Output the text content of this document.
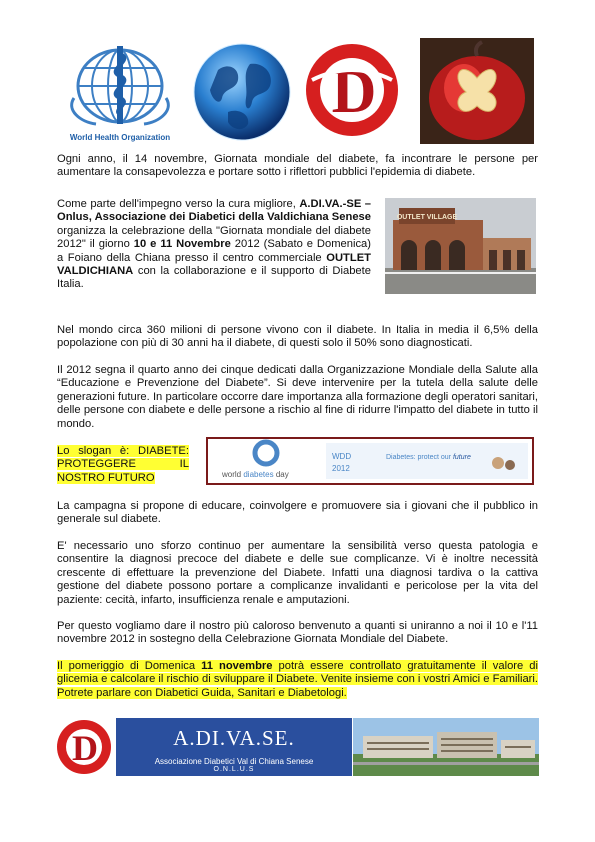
World Health Organization
D

Ogni anno, il 14 novembre, Giornata mondiale del diabete, fa incontrare le persone per aumentare la consapevolezza e portare sotto i riflettori pubblici l'epidemia di diabete.

Come parte dell'impegno verso la cura migliore, A.DI.VA.-SE – Onlus, Associazione dei Diabetici della Valdichiana Senese organizza la celebrazione della "Giornata mondiale del diabete 2012" il giorno 10 e 11 Novembre 2012 (Sabato e Domenica) a Foiano della Chiana presso il centro commerciale OUTLET VALDICHIANA con la collaborazione e il supporto di Diabete Italia.

OUTLET VILLAGE

Nel mondo circa 360 milioni di persone vivono con il diabete. In Italia in media il 6,5% della popolazione con più di 30 anni ha il diabete, di questi solo il 50% sono diagnosticati.

Il 2012 segna il quarto anno dei cinque dedicati dalla Organizzazione Mondiale della Salute alla “Educazione e Prevenzione del Diabete”. Si deve intervenire per la tutela della salute delle generazioni future. In particolare occorre dare importanza alla formazione degli operatori sanitari, delle persone con diabete e delle persone a rischio al fine di ridurre l'impatto del diabete in tutto il mondo.

Lo slogan è: DIABETE: PROTEGGERE IL NOSTRO FUTURO	world diabetes day
WDD
2012
Diabetes: protect our future

La campagna si propone di educare, coinvolgere e promuovere sia i giovani che il pubblico in generale sul diabete.

E' necessario uno sforzo continuo per aumentare la sensibilità verso questa patologia e consentire la diagnosi precoce del diabete e delle sue complicanze. Vi è inoltre necessità crescente di effettuare la prevenzione del Diabete. Infatti una diagnosi tardiva o la cattiva gestione del diabete possono portare a complicanze invalidanti e pericolose per la vita del paziente: cecità, infarto, insufficienza renale e amputazioni.

Per questo vogliamo dare il nostro più caloroso benvenuto a quanti si uniranno a noi il 10 e l'11 novembre 2012 in sostegno della Celebrazione Giornata Mondiale del Diabete.

Il pomeriggio di Domenica 11 novembre potrà essere controllato gratuitamente il valore di glicemia e calcolare il rischio di sviluppare il Diabete. Venite insieme con i vostri Amici e Familiari. Potrete parlare con Diabetici Guida, Sanitari e Diabetologi.

D	A.DI.VA.SE.
Associazione Diabetici Val di Chiana Senese
O.N.L.U.S
